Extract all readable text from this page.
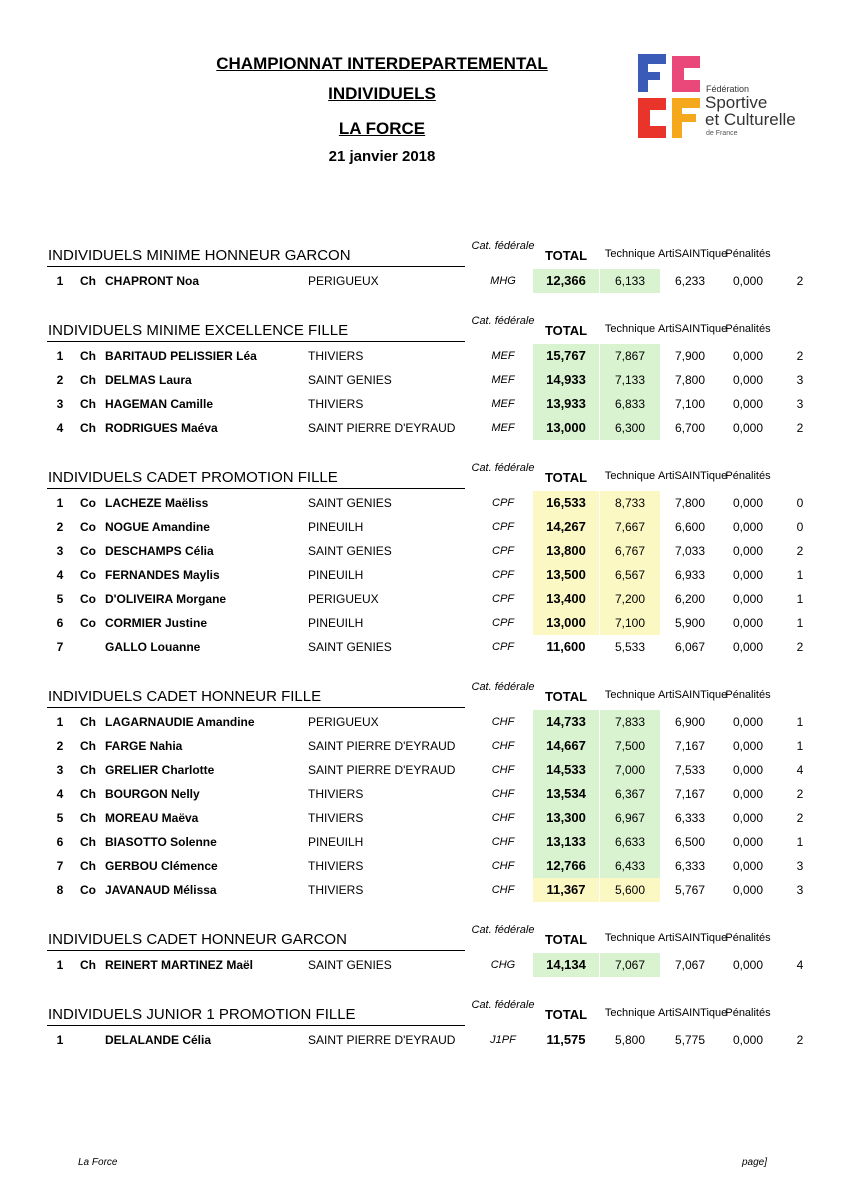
CHAMPIONNAT INTERDEPARTEMENTAL
INDIVIDUELS
LA FORCE
21 janvier 2018
Fédération
Sportive
et Culturelle
de France
INDIVIDUELS MINIME HONNEUR GARCON
Cat. fédérale
TOTAL	Technique ArtiSAINTique
Pénalités
1	Ch CHAPRONT Noa	PERIGUEUX	MHG	12,366	6,133	6,233	0,000	2
INDIVIDUELS MINIME EXCELLENCE FILLE
Cat. fédérale
TOTAL	Technique ArtiSAINTique
Pénalités
1	Ch BARITAUD PELISSIER Léa	THIVIERS	MEF	15,767	7,867	7,900	0,000	2
2	Ch DELMAS Laura	SAINT GENIES	MEF	14,933	7,133	7,800	0,000	3
3	Ch HAGEMAN Camille	THIVIERS	MEF	13,933	6,833	7,100	0,000	3
4	Ch RODRIGUES Maéva	SAINT PIERRE D'EYRAUD	MEF	13,000	6,300	6,700	0,000	2
INDIVIDUELS CADET PROMOTION FILLE
Cat. fédérale
TOTAL	Technique ArtiSAINTique
Pénalités
1	Co LACHEZE Maëliss	SAINT GENIES	CPF	16,533	8,733	7,800	0,000	0
2	Co NOGUE Amandine	PINEUILH	CPF	14,267	7,667	6,600	0,000	0
3	Co DESCHAMPS Célia	SAINT GENIES	CPF	13,800	6,767	7,033	0,000	2
4	Co FERNANDES Maylis	PINEUILH	CPF	13,500	6,567	6,933	0,000	1
5	Co D'OLIVEIRA Morgane	PERIGUEUX	CPF	13,400	7,200	6,200	0,000	1
6	Co CORMIER Justine	PINEUILH	CPF	13,000	7,100	5,900	0,000	1
7	GALLO Louanne	SAINT GENIES	CPF	11,600	5,533	6,067	0,000	2
INDIVIDUELS CADET HONNEUR FILLE
Cat. fédérale
TOTAL	Technique ArtiSAINTique
Pénalités
1	Ch LAGARNAUDIE Amandine	PERIGUEUX	CHF	14,733	7,833	6,900	0,000	1
2	Ch FARGE Nahia	SAINT PIERRE D'EYRAUD	CHF	14,667	7,500	7,167	0,000	1
3	Ch GRELIER Charlotte	SAINT PIERRE D'EYRAUD	CHF	14,533	7,000	7,533	0,000	4
4	Ch BOURGON Nelly	THIVIERS	CHF	13,534	6,367	7,167	0,000	2
5	Ch MOREAU Maëva	THIVIERS	CHF	13,300	6,967	6,333	0,000	2
6	Ch BIASOTTO Solenne	PINEUILH	CHF	13,133	6,633	6,500	0,000	1
7	Ch GERBOU Clémence	THIVIERS	CHF	12,766	6,433	6,333	0,000	3
8	Co JAVANAUD Mélissa	THIVIERS	CHF	11,367	5,600	5,767	0,000	3
INDIVIDUELS CADET HONNEUR GARCON
Cat. fédérale
TOTAL	Technique ArtiSAINTique
Pénalités
1	Ch REINERT MARTINEZ Maël	SAINT GENIES	CHG	14,134	7,067	7,067	0,000	4
INDIVIDUELS JUNIOR 1 PROMOTION FILLE
Cat. fédérale
TOTAL	Technique ArtiSAINTique
Pénalités
1	DELALANDE Célia	SAINT PIERRE D'EYRAUD	J1PF	11,575	5,800	5,775	0,000	2
La Force	page]
